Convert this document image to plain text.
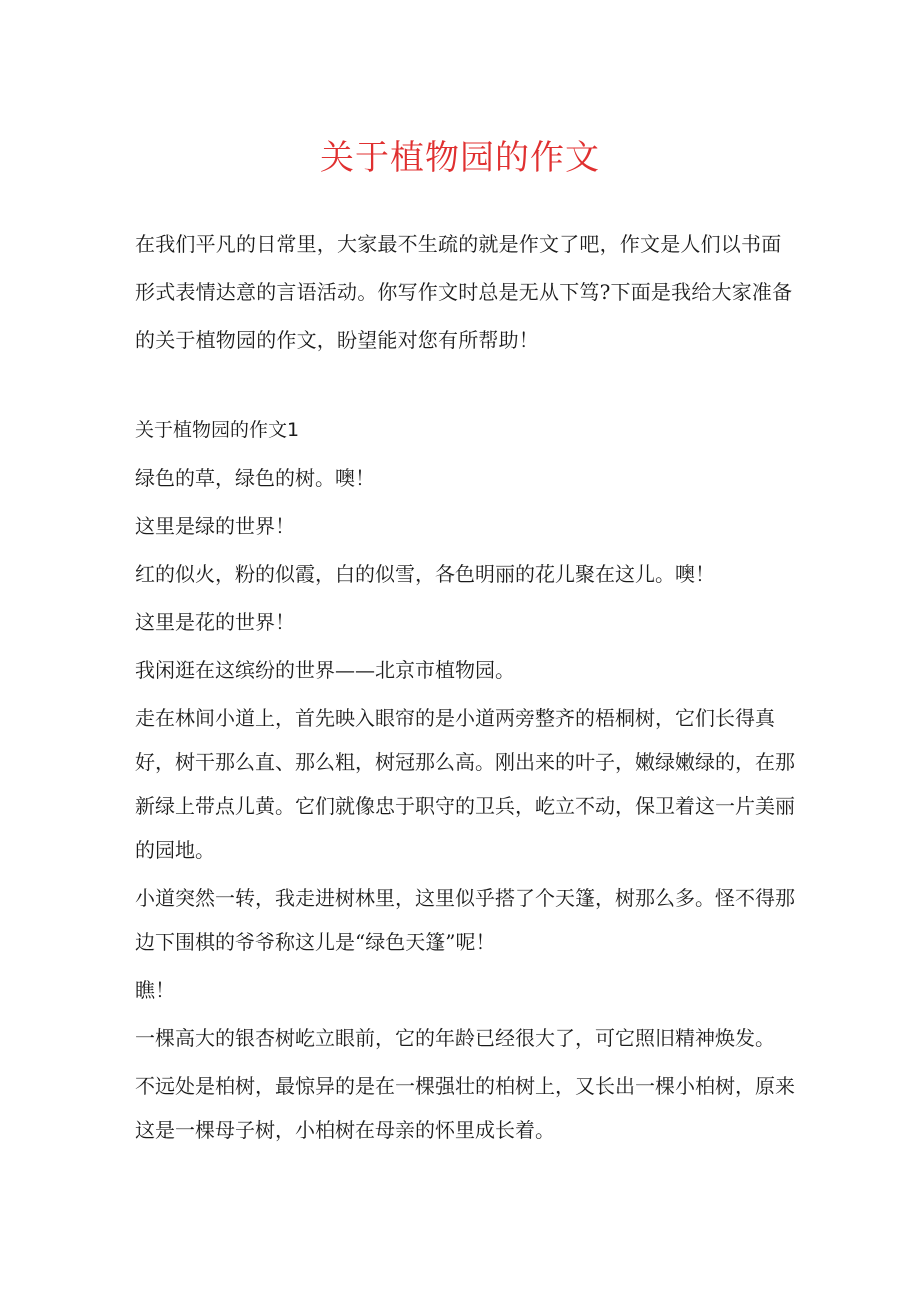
关于植物园的作文
在我们平凡的日常里，大家最不生疏的就是作文了吧，作文是人们以书面形式表情达意的言语活动。你写作文时总是无从下笃?下面是我给大家准备的关于植物园的作文，盼望能对您有所帮助！
关于植物园的作文1
绿色的草，绿色的树。噢！
这里是绿的世界！
红的似火，粉的似霞，白的似雪，各色明丽的花儿聚在这儿。噢！
这里是花的世界！
我闲逛在这缤纷的世界——北京市植物园。
走在林间小道上，首先映入眼帘的是小道两旁整齐的梧桐树，它们长得真好，树干那么直、那么粗，树冠那么高。刚出来的叶子，嫩绿嫩绿的，在那新绿上带点儿黄。它们就像忠于职守的卫兵，屹立不动，保卫着这一片美丽的园地。
小道突然一转，我走进树林里，这里似乎搭了个天篷，树那么多。怪不得那边下围棋的爷爷称这儿是“绿色天篷”呢！
瞧！
一棵高大的银杏树屹立眼前，它的年龄已经很大了，可它照旧精神焕发。
不远处是柏树，最惊异的是在一棵强壮的柏树上，又长出一棵小柏树，原来这是一棵母子树，小柏树在母亲的怀里成长着。
